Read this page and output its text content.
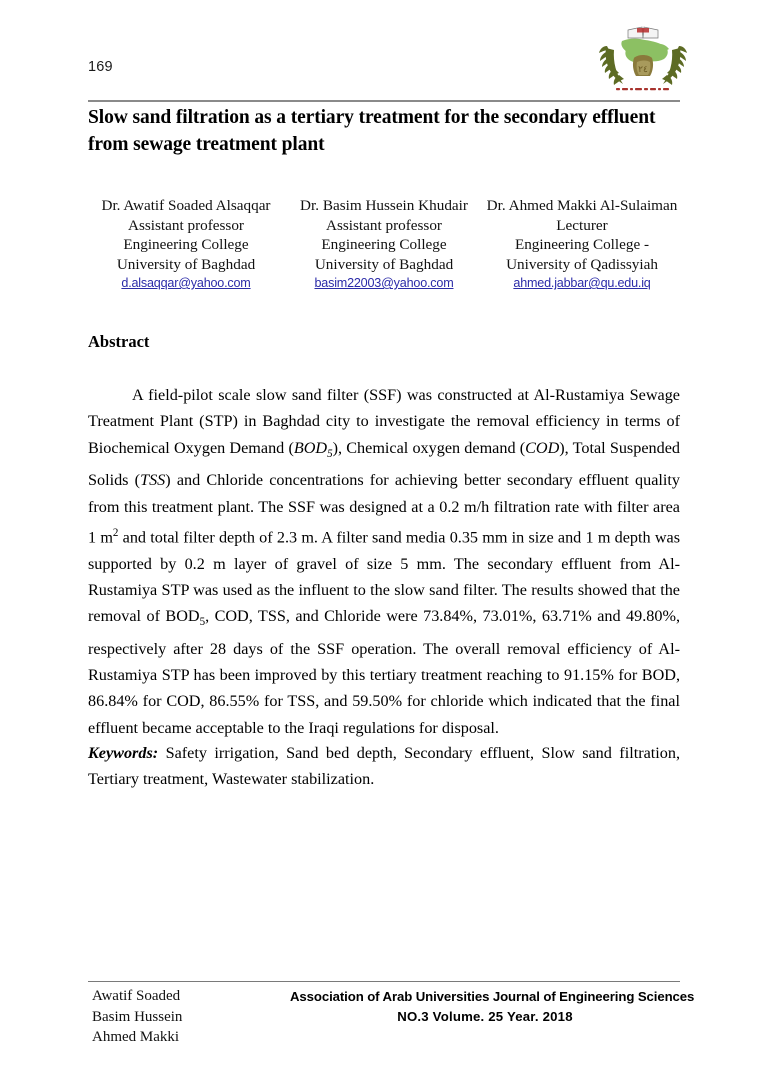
169	٢٤
Slow sand filtration as a tertiary treatment for the secondary effluent from sewage treatment plant
Dr. Awatif Soaded Alsaqqar
Assistant professor
Engineering College
University of Baghdad
d.alsaqqar@yahoo.com
Dr. Basim Hussein Khudair
Assistant professor
Engineering College
University of Baghdad
basim22003@yahoo.com
Dr. Ahmed Makki Al-Sulaiman
Lecturer
Engineering College -
University of Qadissyiah
ahmed.jabbar@qu.edu.iq
Abstract

A field-pilot scale slow sand filter (SSF) was constructed at Al-Rustamiya Sewage Treatment Plant (STP) in Baghdad city to investigate the removal efficiency in terms of Biochemical Oxygen Demand $(BOD_5)$, Chemical oxygen demand (COD), Total Suspended Solids (TSS) and Chloride concentrations for achieving better secondary effluent quality from this treatment plant. The SSF was designed at a 0.2 m/h filtration rate with filter area 1 $m^2$ and total filter depth of 2.3 m. A filter sand media 0.35 mm in size and 1 m depth was supported by 0.2 m layer of gravel of size 5 mm. The secondary effluent from Al-Rustamiya STP was used as the influent to the slow sand filter. The results showed that the removal of $BOD_5$, COD, TSS, and Chloride were 73.84%, 73.01%, 63.71% and 49.80%, respectively after 28 days of the SSF operation. The overall removal efficiency of Al-Rustamiya STP has been improved by this tertiary treatment reaching to 91.15% for BOD, 86.84% for COD, 86.55% for TSS, and 59.50% for chloride which indicated that the final effluent became acceptable to the Iraqi regulations for disposal.

Keywords: Safety irrigation, Sand bed depth, Secondary effluent, Slow sand filtration, Tertiary treatment, Wastewater stabilization.

Awatif Soaded
Basim Hussein
Ahmed Makki
Association of Arab Universities Journal of Engineering Sciences
NO.3 Volume. 25 Year. 2018
